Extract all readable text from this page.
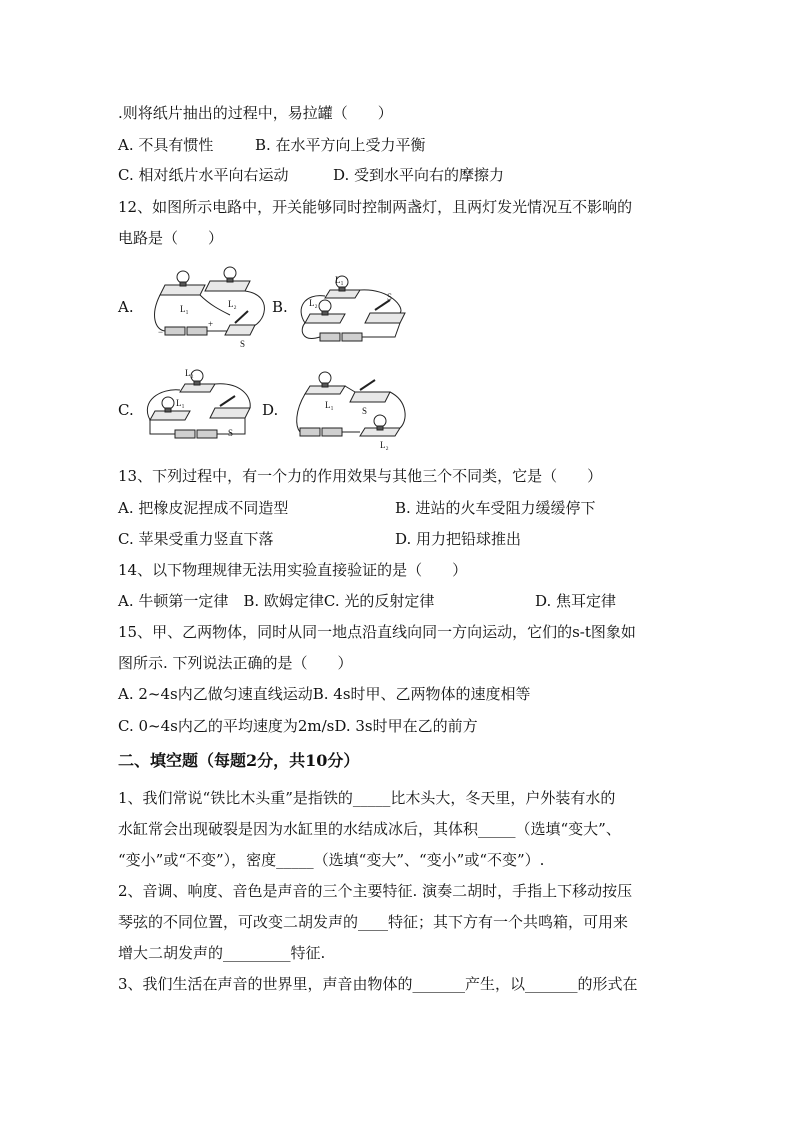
.则将纸片抽出的过程中，易拉罐（　　）
A. 不具有惯性	B. 在水平方向上受力平衡
C. 相对纸片水平向右运动	D. 受到水平向右的摩擦力
12、如图所示电路中，开关能够同时控制两盏灯，且两灯发光情况互不影响的
电路是（　　）
A.	L₁	L₂
S
+
−
B.
L₁
L₂
S
C.
L₂
L₁
S
D.	L₁
S
L₂
13、下列过程中，有一个力的作用效果与其他三个不同类，它是（　　）
A. 把橡皮泥捏成不同造型	B. 进站的火车受阻力缓缓停下
C. 苹果受重力竖直下落	D. 用力把铅球推出
14、以下物理规律无法用实验直接验证的是（　　）
A. 牛顿第一定律　B. 欧姆定律C. 光的反射定律	D. 焦耳定律
15、甲、乙两物体，同时从同一地点沿直线向同一方向运动，它们的s-t图象如
图所示. 下列说法正确的是（　　）
A. 2~4s内乙做匀速直线运动B. 4s时甲、乙两物体的速度相等
C. 0~4s内乙的平均速度为2m/sD. 3s时甲在乙的前方
二、填空题（每题2分，共10分）
1、我们常说“铁比木头重”是指铁的_____比木头大，冬天里，户外装有水的
水缸常会出现破裂是因为水缸里的水结成冰后，其体积_____（选填“变大”、
“变小”或“不变”），密度_____（选填“变大”、“变小”或“不变”）.
2、音调、响度、音色是声音的三个主要特征. 演奏二胡时，手指上下移动按压
琴弦的不同位置，可改变二胡发声的____特征；其下方有一个共鸣箱，可用来
增大二胡发声的_________特征.
3、我们生活在声音的世界里，声音由物体的_______产生，以_______的形式在
